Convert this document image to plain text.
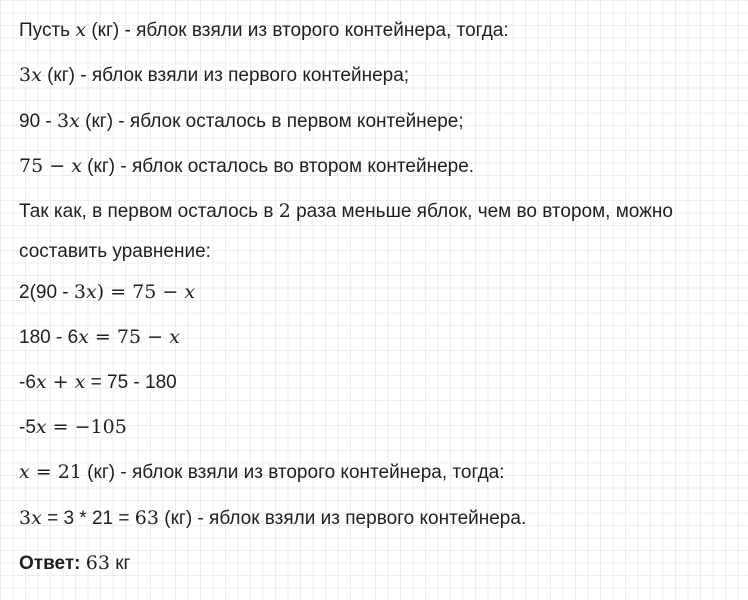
Пусть x (кг) - яблок взяли из второго контейнера, тогда:
3x (кг) - яблок взяли из первого контейнера;
90 - 3x (кг) - яблок осталось в первом контейнере;
75 − x (кг) - яблок осталось во втором контейнере.
Так как, в первом осталось в 2 раза меньше яблок, чем во втором, можно
составить уравнение:
2(90 - 3x) = 75 − x
180 - 6x = 75 − x
-6x + x = 75 - 180
-5x = −105
x = 21 (кг) - яблок взяли из второго контейнера, тогда:
3x = 3 * 21 = 63 (кг) - яблок взяли из первого контейнера.
Ответ: 63 кг
